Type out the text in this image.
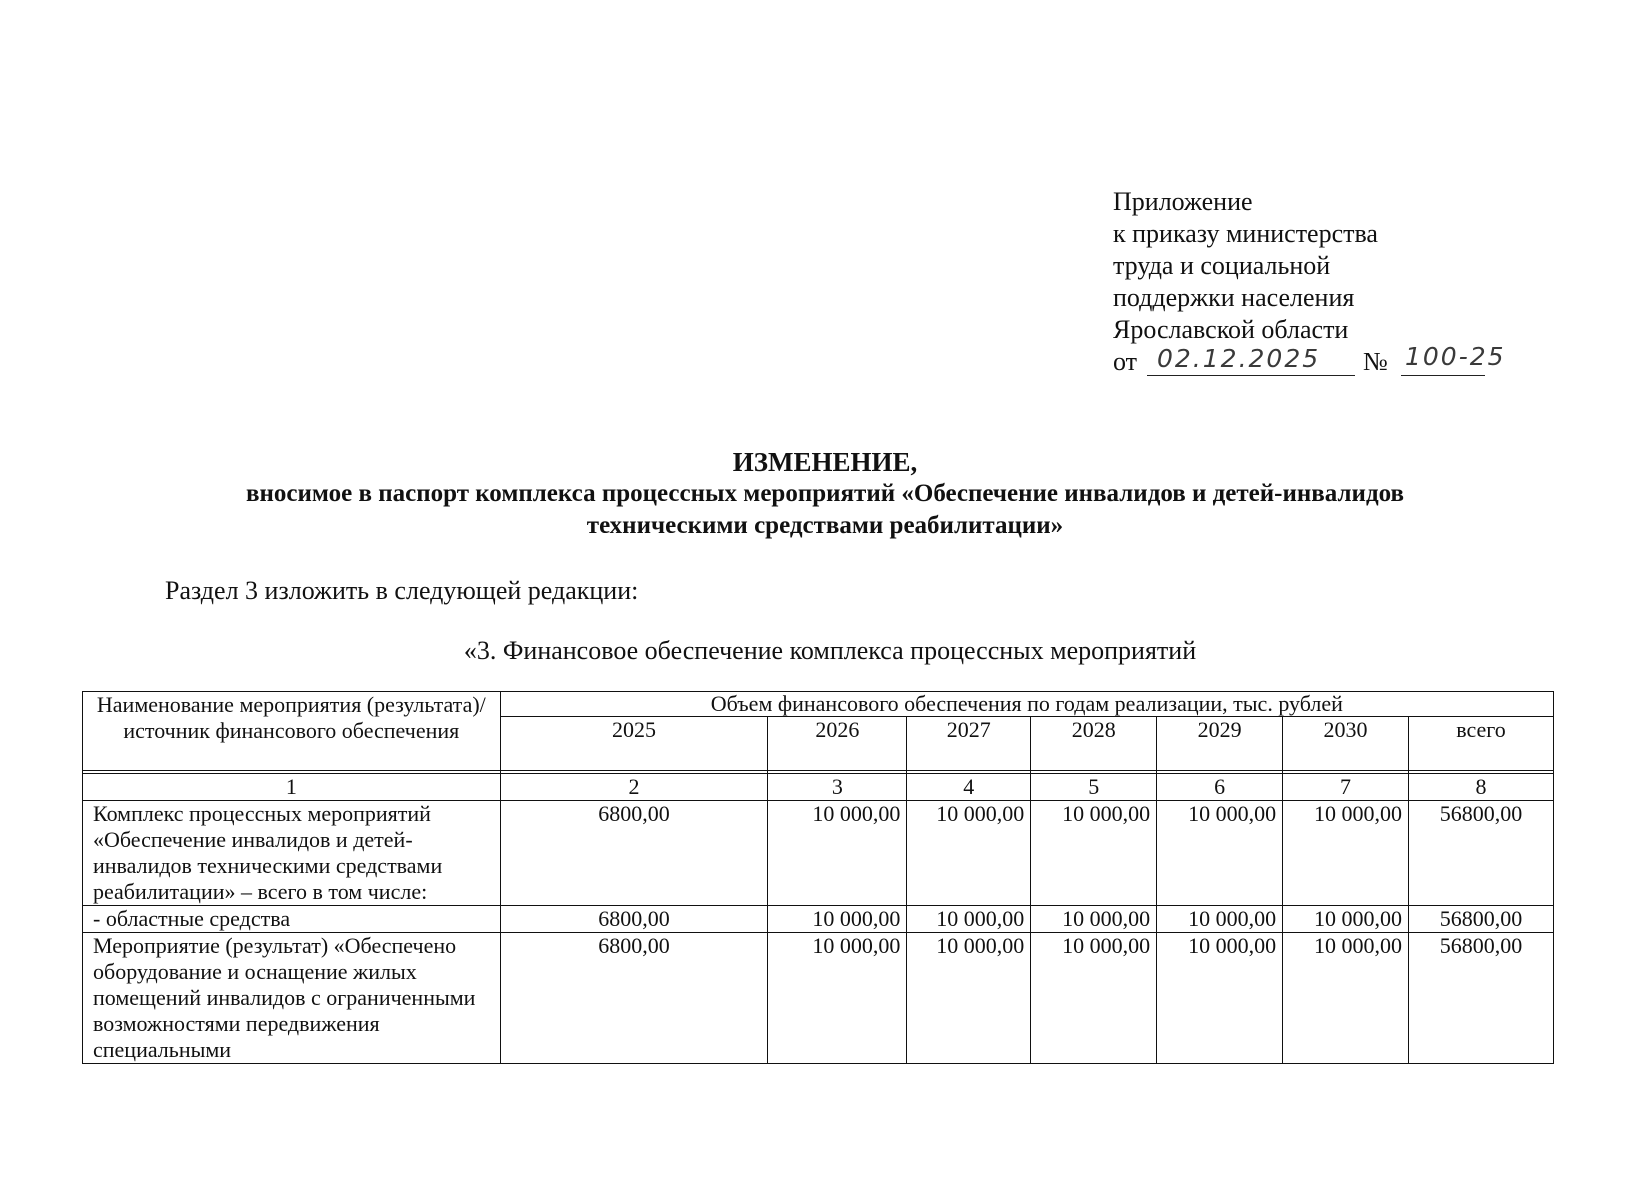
Приложение
к приказу министерства
труда и социальной
поддержки населения
Ярославской области
от 02.12.2025 № 100-25
ИЗМЕНЕНИЕ,
вносимое в паспорт комплекса процессных мероприятий «Обеспечение инвалидов и детей-инвалидов
техническими средствами реабилитации»
Раздел 3 изложить в следующей редакции:
«3. Финансовое обеспечение комплекса процессных мероприятий
Наименование мероприятия (результата)/ источник финансового обеспечения	Объем финансового обеспечения по годам реализации, тыс. рублей						
	2025	2026	2027	2028	2029	2030	всего

1	2	3	4	5	6	7	8
Комплекс процессных мероприятий «Обеспечение инвалидов и детей-инвалидов техническими средствами реабилитации» – всего в том числе:	6800,00	10 000,00	10 000,00	10 000,00	10 000,00	10 000,00	56800,00
- областные средства	6800,00	10 000,00	10 000,00	10 000,00	10 000,00	10 000,00	56800,00
Мероприятие (результат) «Обеспечено оборудование и оснащение жилых помещений инвалидов с ограниченными возможностями передвижения специальными	6800,00	10 000,00	10 000,00	10 000,00	10 000,00	10 000,00	56800,00
